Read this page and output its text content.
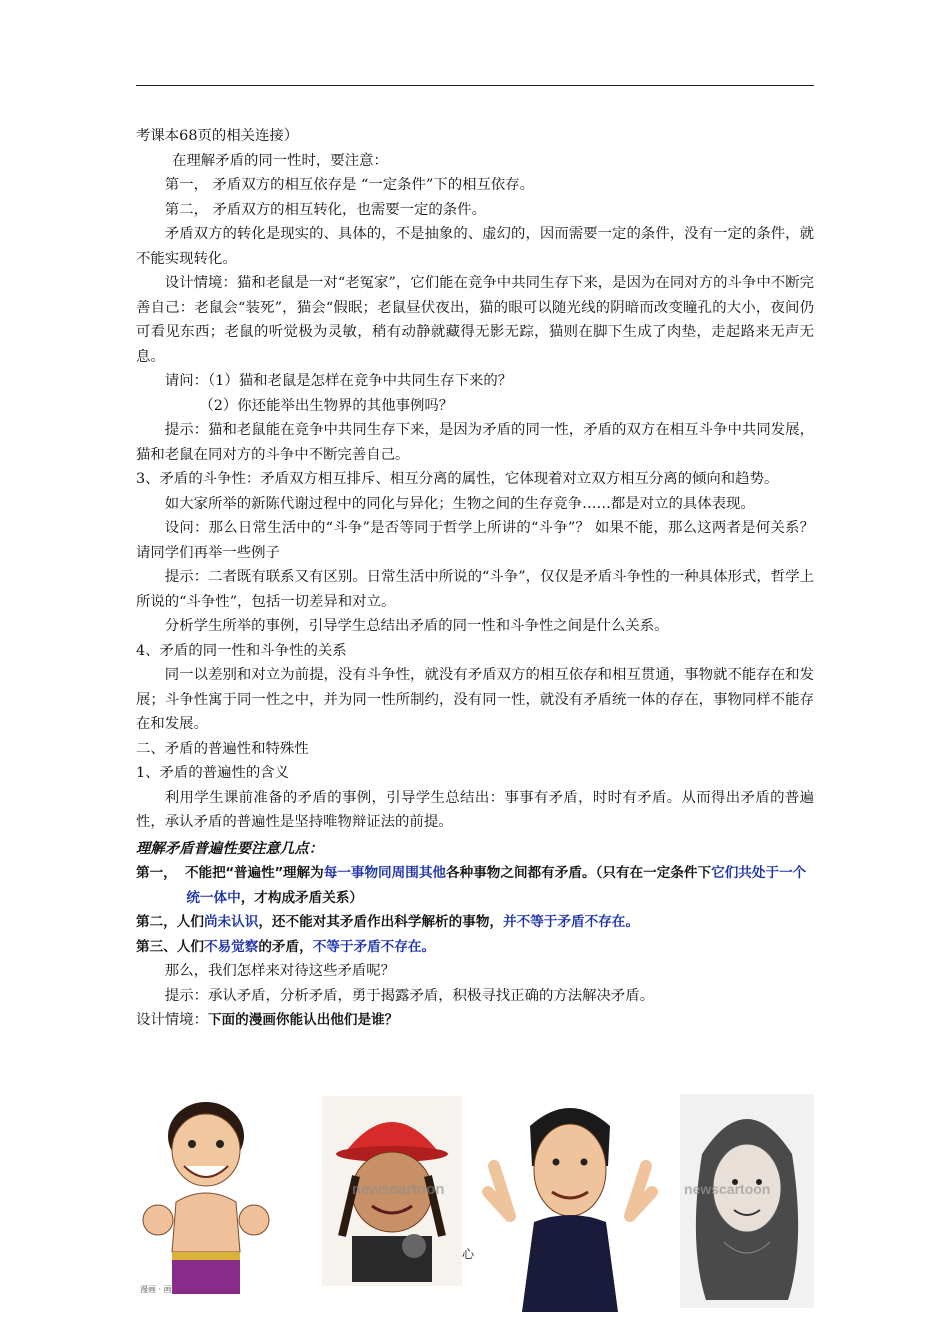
考课本68页的相关连接）

在理解矛盾的同一性时，要注意：

第一， 矛盾双方的相互依存是 “一定条件”下的相互依存。

第二， 矛盾双方的相互转化，也需要一定的条件。

矛盾双方的转化是现实的、具体的，不是抽象的、虚幻的，因而需要一定的条件，没有一定的条件，就不能实现转化。

设计情境：猫和老鼠是一对“老冤家”，它们能在竞争中共同生存下来，是因为在同对方的斗争中不断完善自己：老鼠会“装死”，猫会“假眠；老鼠昼伏夜出，猫的眼可以随光线的阴暗而改变瞳孔的大小，夜间仍可看见东西；老鼠的听觉极为灵敏，稍有动静就藏得无影无踪，猫则在脚下生成了肉垫，走起路来无声无息。

请问：（1）猫和老鼠是怎样在竞争中共同生存下来的？

（2）你还能举出生物界的其他事例吗？

提示：猫和老鼠能在竞争中共同生存下来，是因为矛盾的同一性，矛盾的双方在相互斗争中共同发展，猫和老鼠在同对方的斗争中不断完善自己。

3、矛盾的斗争性：矛盾双方相互排斥、相互分离的属性，它体现着对立双方相互分离的倾向和趋势。

如大家所举的新陈代谢过程中的同化与异化；生物之间的生存竞争……都是对立的具体表现。

设问：那么日常生活中的“斗争”是否等同于哲学上所讲的“斗争”？ 如果不能，那么这两者是何关系？请同学们再举一些例子

提示：二者既有联系又有区别。日常生活中所说的“斗争”，仅仅是矛盾斗争性的一种具体形式，哲学上所说的“斗争性”，包括一切差异和对立。

分析学生所举的事例，引导学生总结出矛盾的同一性和斗争性之间是什么关系。

4、矛盾的同一性和斗争性的关系

同一以差别和对立为前提，没有斗争性，就没有矛盾双方的相互依存和相互贯通，事物就不能存在和发展；斗争性寓于同一性之中，并为同一性所制约，没有同一性，就没有矛盾统一体的存在，事物同样不能存在和发展。

二、矛盾的普遍性和特殊性

1、矛盾的普遍性的含义

利用学生课前准备的矛盾的事例，引导学生总结出：事事有矛盾，时时有矛盾。从而得出矛盾的普遍性，承认矛盾的普遍性是坚持唯物辩证法的前提。

理解矛盾普遍性要注意几点：

第一， 不能把“普遍性”理解为每一事物同周围其他各种事物之间都有矛盾。（只有在一定条件下它们共处于一个统一体中，才构成矛盾关系）

第二，人们尚未认识，还不能对其矛盾作出科学解析的事物，并不等于矛盾不存在。

第三、人们不易觉察的矛盾，不等于矛盾不存在。

那么，我们怎样来对待这些矛盾呢？

提示：承认矛盾，分析矛盾，勇于揭露矛盾，积极寻找正确的方法解决矛盾。

设计情境：下面的漫画你能认出他们是谁？

漫画 · 画
newscartoon
心
newscartoon
